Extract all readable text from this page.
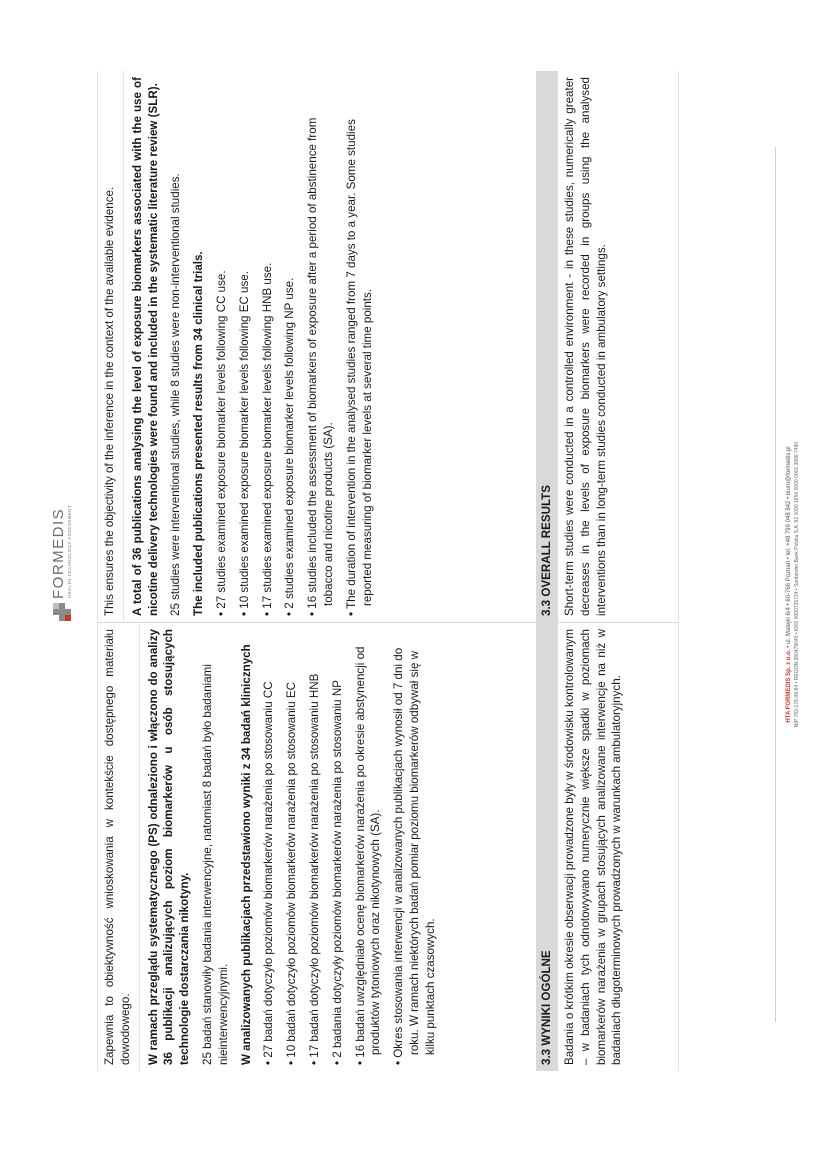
FORMEDIS HEALTH TECHNOLOGY ASSESSMENT
Zapewnia to obiektywność wnioskowania w kontekście dostępnego materiału dowodowego. W ramach przeglądu systematycznego (PS) odnaleziono i włączono do analizy 36 publikacji analizujących poziom biomarkerów u osób stosujących technologie dostarczania nikotyny. 25 badań stanowiły badania interwencyjne, natomiast 8 badań było badaniami nieinterwencyjnymi. W analizowanych publikacjach przedstawiono wyniki z 34 badań klinicznych • 27 badań dotyczyło poziomów biomarkerów narażenia po stosowaniu CC • 10 badań dotyczyło poziomów biomarkerów narażenia po stosowaniu EC • 17 badań dotyczyło poziomów biomarkerów narażenia po stosowaniu HNB • 2 badania dotyczyły poziomów biomarkerów narażenia po stosowaniu NP • 16 badań uwzględniało ocenę biomarkerów narażenia po okresie abstynencji od produktów tytoniowych oraz nikotynowych (SA). • Okres stosowania interwencji w analizowanych publikacjach wynosił od 7 dni do roku. W ramach niektórych badań pomiar poziomu biomarkerów odbywał się w kilku punktach czasowych.	3.3 WYNIKI OGÓLNE Badania o krótkim okresie obserwacji prowadzone były w środowisku kontrolowanym – w badaniach tych odnotowywano numerycznie większe spadki w poziomach biomarkerów narażenia w grupach stosujących analizowane interwencje na niż w badaniach długoterminowych prowadzonych w warunkach ambulatoryjnych.
This ensures the objectivity of the inference in the context of the available evidence. A total of 36 publications analysing the level of exposure biomarkers associated with the use of nicotine delivery technologies were found and included in the systematic literature review (SLR). 25 studies were interventional studies, while 8 studies were non-interventional studies. The included publications presented results from 34 clinical trials. • 27 studies examined exposure biomarker levels following CC use. • 10 studies examined exposure biomarker levels following EC use. • 17 studies examined exposure biomarker levels following HNB use. • 2 studies examined exposure biomarker levels following NP use. • 16 studies included the assessment of biomarkers of exposure after a period of abstinence from tobacco and nicotine products (SA). • The duration of intervention in the analysed studies ranged from 7 days to a year. Some studies reported measuring of biomarker levels at several time points.	3.3 OVERALL RESULTS Short-term studies were conducted in a controlled environment - in these studies, numerically greater decreases in the levels of exposure biomarkers were recorded in groups using the analysed interventions than in long-term studies conducted in ambulatory settings.
HTA FORMEDIS Sp. z o.o. • ul. Matejki 6/4 • 60-766 Poznań • tel. +48 799 048 842 • biuro@formedis.pl NIP 783-178-09-84 • REGON 380479040 • KRS 0000735724 • Santander Bank Polska S.A. 92 1090 1854 0000 0001 3689 7490
